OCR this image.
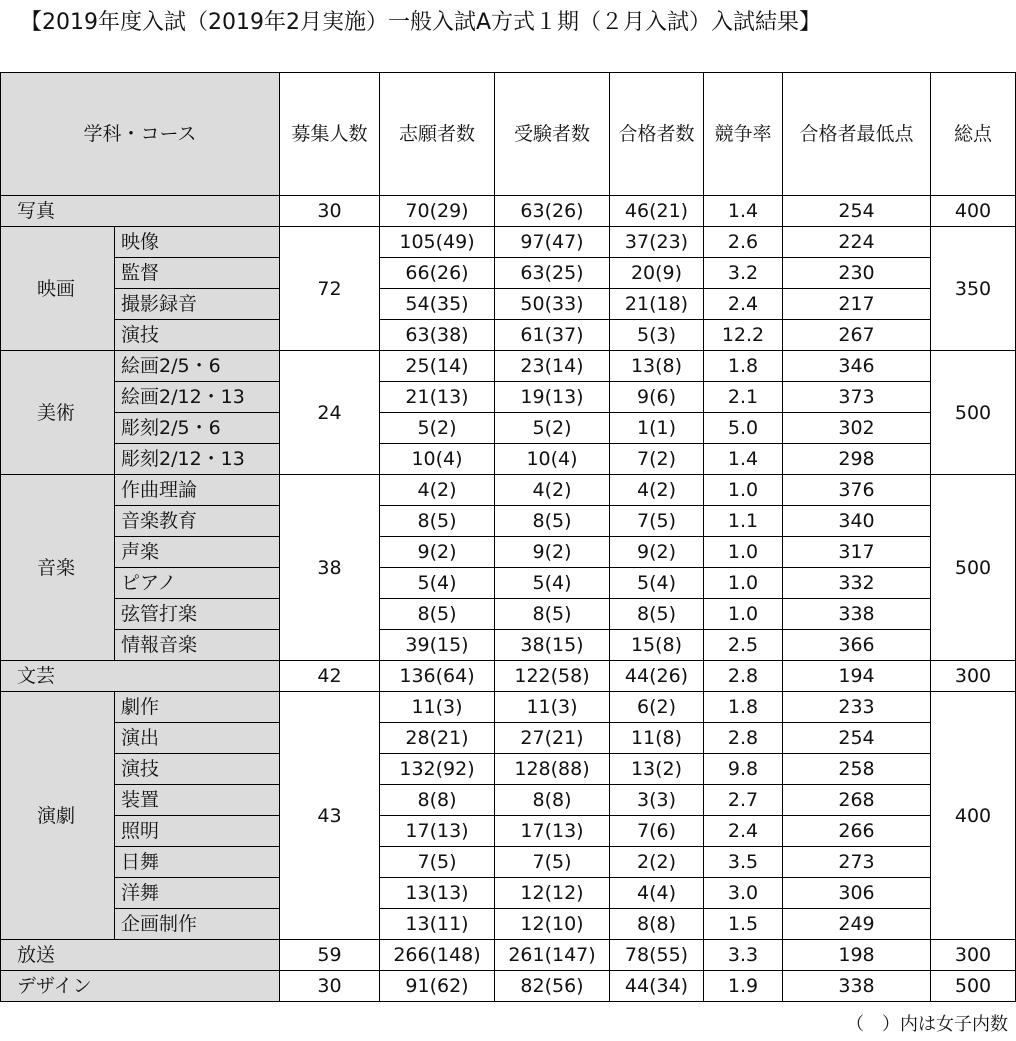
【2019年度入試（2019年2月実施）一般入試A方式１期（２月入試）入試結果】
学科・コース		募集人数	志願者数	受験者数	合格者数	競争率	合格者最低点	総点
写真		30	70(29)	63(26)	46(21)	1.4	254	400
映画	映像	72	105(49)	97(47)	37(23)	2.6	224	350
	監督		66(26)	63(25)	20(9)	3.2	230	
	撮影録音		54(35)	50(33)	21(18)	2.4	217	
	演技		63(38)	61(37)	5(3)	12.2	267	
美術	絵画2/5・6	24	25(14)	23(14)	13(8)	1.8	346	500
	絵画2/12・13		21(13)	19(13)	9(6)	2.1	373	
	彫刻2/5・6		5(2)	5(2)	1(1)	5.0	302	
	彫刻2/12・13		10(4)	10(4)	7(2)	1.4	298	
音楽	作曲理論	38	4(2)	4(2)	4(2)	1.0	376	500
	音楽教育		8(5)	8(5)	7(5)	1.1	340	
	声楽		9(2)	9(2)	9(2)	1.0	317	
	ピアノ		5(4)	5(4)	5(4)	1.0	332	
	弦管打楽		8(5)	8(5)	8(5)	1.0	338	
	情報音楽		39(15)	38(15)	15(8)	2.5	366	
文芸		42	136(64)	122(58)	44(26)	2.8	194	300
演劇	劇作	43	11(3)	11(3)	6(2)	1.8	233	400
	演出		28(21)	27(21)	11(8)	2.8	254	
	演技		132(92)	128(88)	13(2)	9.8	258	
	装置		8(8)	8(8)	3(3)	2.7	268	
	照明		17(13)	17(13)	7(6)	2.4	266	
	日舞		7(5)	7(5)	2(2)	3.5	273	
	洋舞		13(13)	12(12)	4(4)	3.0	306	
	企画制作		13(11)	12(10)	8(8)	1.5	249	
放送		59	266(148)	261(147)	78(55)	3.3	198	300
デザイン		30	91(62)	82(56)	44(34)	1.9	338	500
（　）内は女子内数
